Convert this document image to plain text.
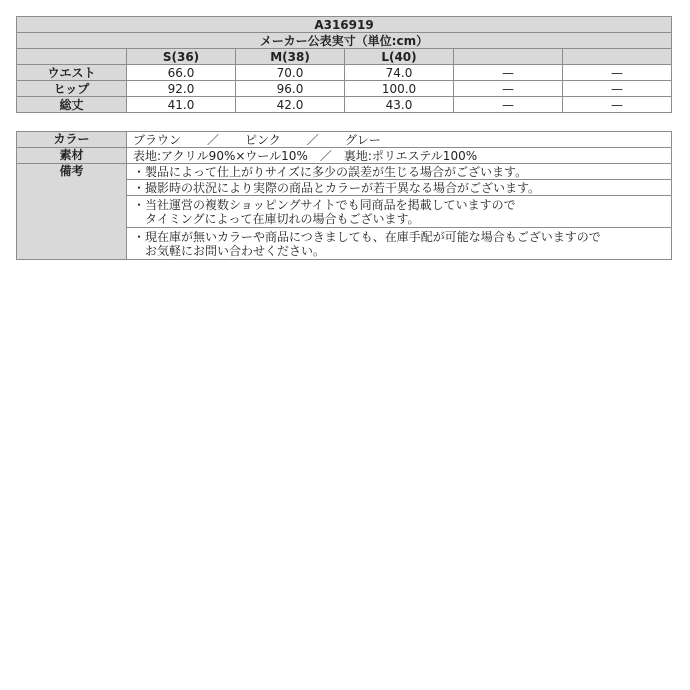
A316919					
メーカー公表実寸（単位:cm）					
	S(36)	M(38)	L(40)		
ウエスト	66.0	70.0	74.0	—	—
ヒップ	92.0	96.0	100.0	—	—
総丈	41.0	42.0	43.0	—	—
カラー	ブラウン ／ ピンク ／ グレー
素材	表地:アクリル90%×ウール10%　／　裏地:ポリエステル100%
備考	・製品によって仕上がりサイズに多少の誤差が生じる場合がございます。

	・撮影時の状況により実際の商品とカラーが若干異なる場合がございます。

	・当社運営の複数ショッピングサイトでも同商品を掲載していますので
　タイミングによって在庫切れの場合もございます。

	・現在庫が無いカラーや商品につきましても、在庫手配が可能な場合もございますので
　お気軽にお問い合わせください。
